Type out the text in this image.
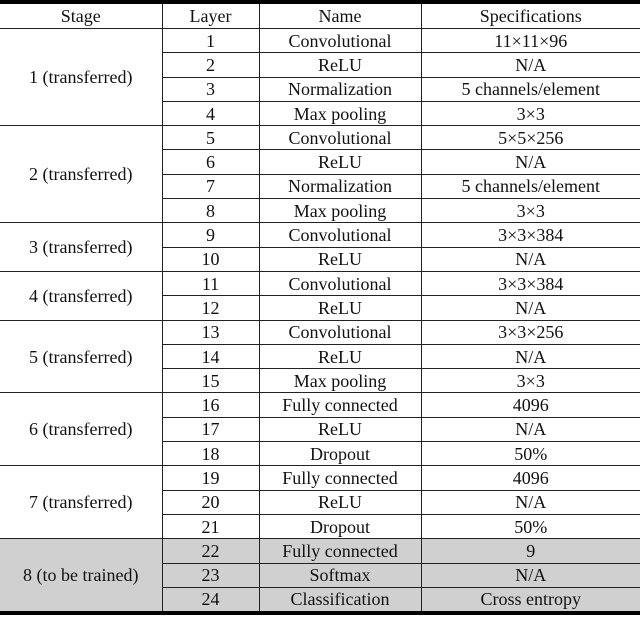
Stage	Layer	Name	Specifications
1 (transferred)	1	Convolutional	11×11×96
	2	ReLU	N/A
	3	Normalization	5 channels/element
	4	Max pooling	3×3
2 (transferred)	5	Convolutional	5×5×256
	6	ReLU	N/A
	7	Normalization	5 channels/element
	8	Max pooling	3×3
3 (transferred)	9	Convolutional	3×3×384
	10	ReLU	N/A
4 (transferred)	11	Convolutional	3×3×384
	12	ReLU	N/A
5 (transferred)	13	Convolutional	3×3×256
	14	ReLU	N/A
	15	Max pooling	3×3
6 (transferred)	16	Fully connected	4096
	17	ReLU	N/A
	18	Dropout	50%
7 (transferred)	19	Fully connected	4096
	20	ReLU	N/A
	21	Dropout	50%
8 (to be trained)	22	Fully connected	9
	23	Softmax	N/A
	24	Classification	Cross entropy
